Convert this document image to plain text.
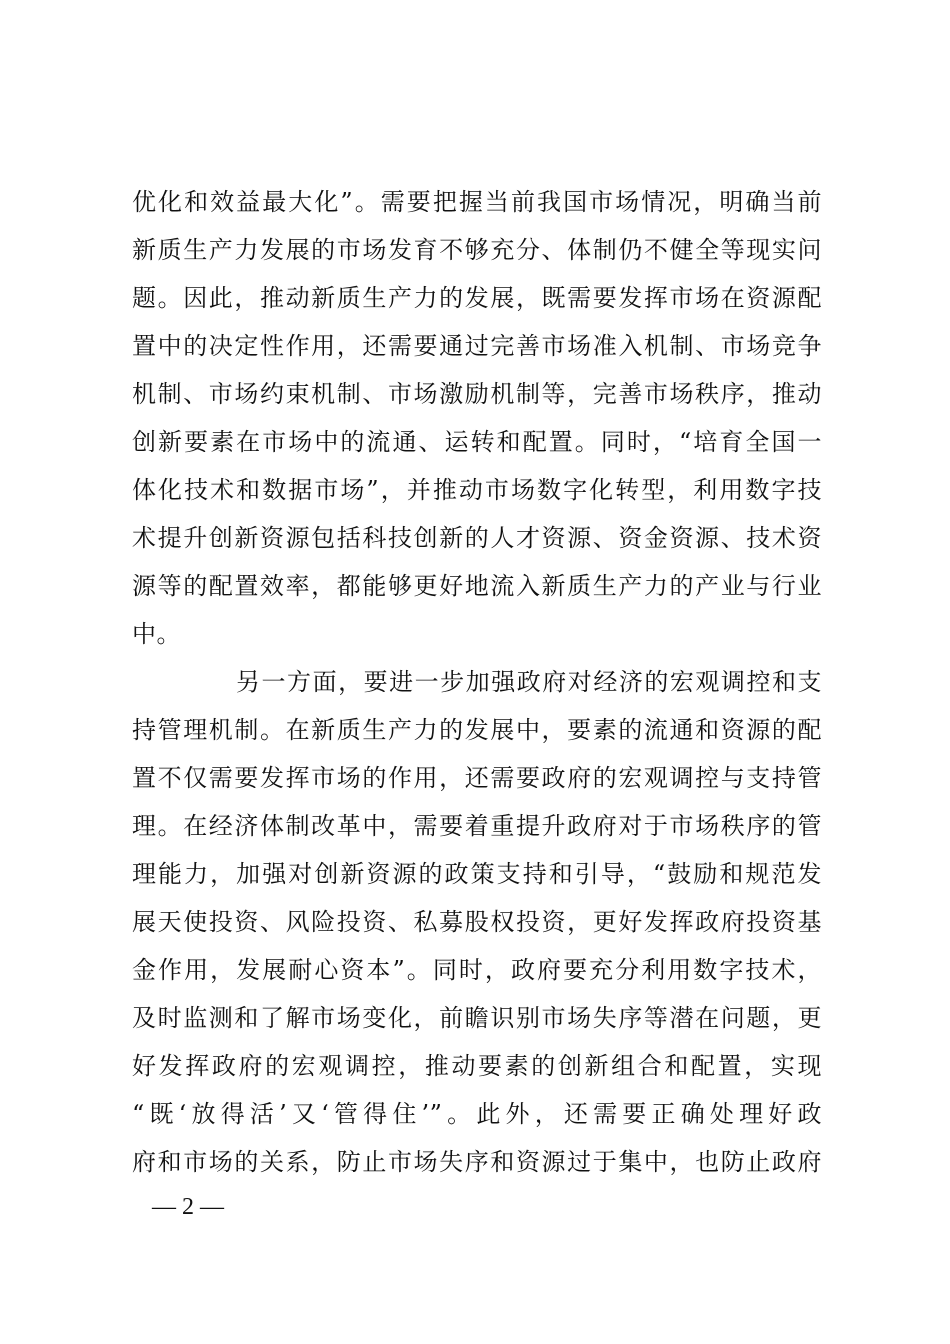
优化和效益最大化”。需要把握当前我国市场情况，明确当前
新质生产力发展的市场发育不够充分、体制仍不健全等现实问
题。因此，推动新质生产力的发展，既需要发挥市场在资源配
置中的决定性作用，还需要通过完善市场准入机制、市场竞争
机制、市场约束机制、市场激励机制等，完善市场秩序，推动
创新要素在市场中的流通、运转和配置。同时，“培育全国一
体化技术和数据市场”，并推动市场数字化转型，利用数字技
术提升创新资源包括科技创新的人才资源、资金资源、技术资
源等的配置效率，都能够更好地流入新质生产力的产业与行业
中。
另一方面，要进一步加强政府对经济的宏观调控和支
持管理机制。在新质生产力的发展中，要素的流通和资源的配
置不仅需要发挥市场的作用，还需要政府的宏观调控与支持管
理。在经济体制改革中，需要着重提升政府对于市场秩序的管
理能力，加强对创新资源的政策支持和引导，“鼓励和规范发
展天使投资、风险投资、私募股权投资，更好发挥政府投资基
金作用，发展耐心资本”。同时，政府要充分利用数字技术，
及时监测和了解市场变化，前瞻识别市场失序等潜在问题，更
好发挥政府的宏观调控，推动要素的创新组合和配置，实现
“既‘放得活’又‘管得住’”。此外，还需要正确处理好政
府和市场的关系，防止市场失序和资源过于集中，也防止政府
— 2 —
